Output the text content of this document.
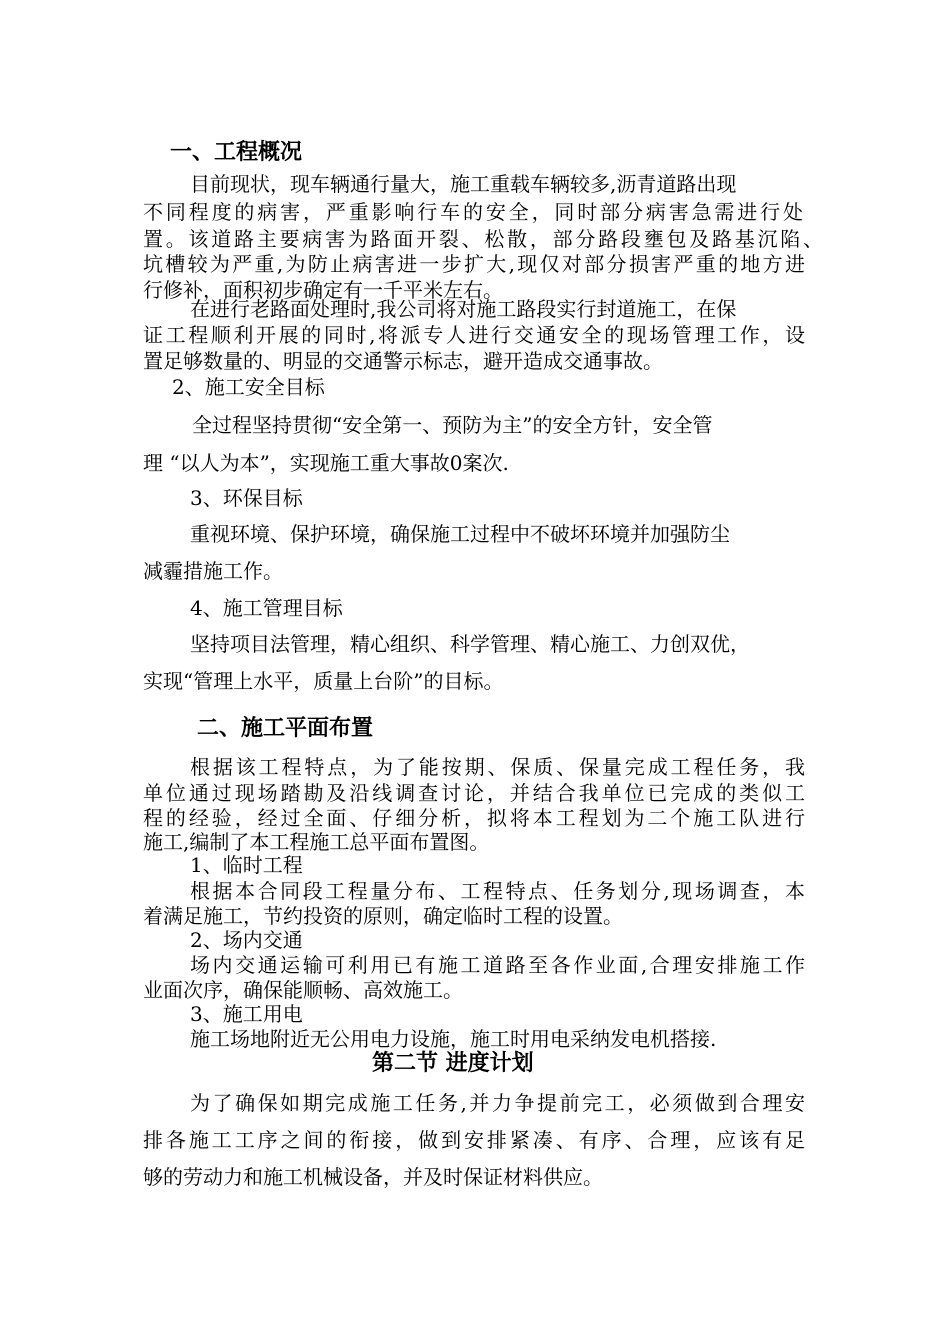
一、工程概况
目前现状，现车辆通行量大，施工重载车辆较多,沥青道路出现
不同程度的病害，严重影响行车的安全，同时部分病害急需进行处
置。该道路主要病害为路面开裂、松散，部分路段壅包及路基沉陷、
坑槽较为严重,为防止病害进一步扩大,现仅对部分损害严重的地方进
行修补，面积初步确定有一千平米左右。
在进行老路面处理时,我公司将对施工路段实行封道施工，在保
证工程顺利开展的同时,将派专人进行交通安全的现场管理工作，设
置足够数量的、明显的交通警示标志，避开造成交通事故。
2、施工安全目标
全过程坚持贯彻“安全第一、预防为主”的安全方针，安全管
理 “以人为本”，实现施工重大事故0案次.
3、环保目标
重视环境、保护环境，确保施工过程中不破坏环境并加强防尘
减霾措施工作。
4、施工管理目标
坚持项目法管理，精心组织、科学管理、精心施工、力创双优，
实现“管理上水平，质量上台阶”的目标。
二、施工平面布置
根据该工程特点，为了能按期、保质、保量完成工程任务，我
单位通过现场踏勘及沿线调查讨论，并结合我单位已完成的类似工
程的经验，经过全面、仔细分析，拟将本工程划为二个施工队进行
施工,编制了本工程施工总平面布置图。
1、临时工程
根据本合同段工程量分布、工程特点、任务划分,现场调查，本
着满足施工，节约投资的原则，确定临时工程的设置。
2、场内交通
场内交通运输可利用已有施工道路至各作业面,合理安排施工作
业面次序，确保能顺畅、高效施工。
3、施工用电
施工场地附近无公用电力设施，施工时用电采纳发电机搭接.
第二节 进度计划
为了确保如期完成施工任务,并力争提前完工，必须做到合理安
排各施工工序之间的衔接，做到安排紧凑、有序、合理，应该有足
够的劳动力和施工机械设备，并及时保证材料供应。
